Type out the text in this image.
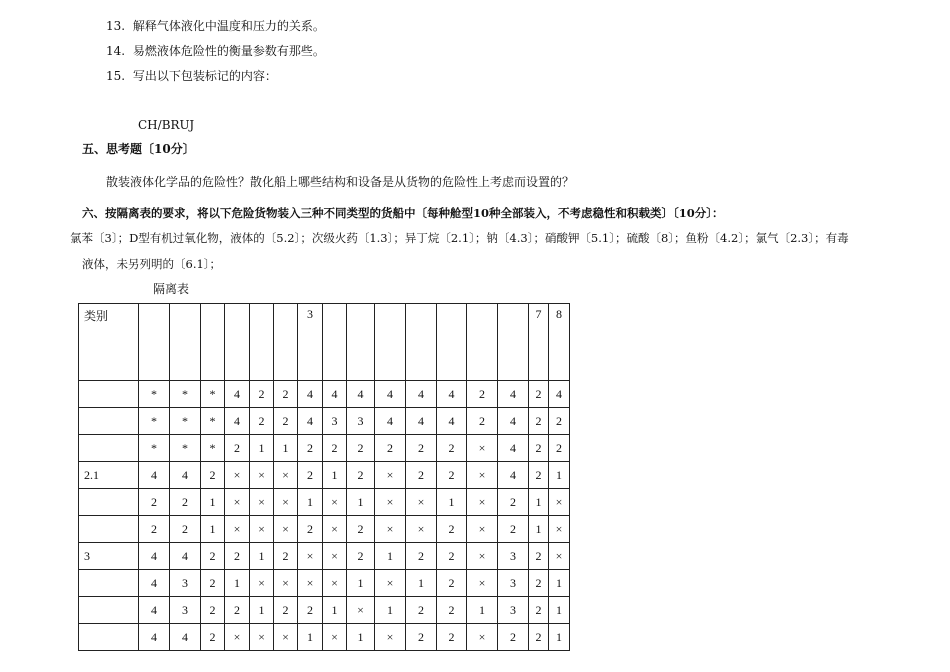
13. 解释气体液化中温度和压力的关系。
14. 易燃液体危险性的衡量参数有那些。
15. 写出以下包装标记的内容：
CH/BRUJ
五、思考题〔10分〕
散装液体化学品的危险性？散化船上哪些结构和设备是从货物的危险性上考虑而设置的？
六、按隔离表的要求，将以下危险货物装入三种不同类型的货船中〔每种舱型10种全部装入，不考虑稳性和积载类〕〔10分〕：
氯苯〔3〕；D型有机过氧化物，液体的〔5.2〕；次级火药〔1.3〕；异丁烷〔2.1〕；钠〔4.3〕；硝酸钾〔5.1〕；硫酸〔8〕；鱼粉〔4.2〕；氯气〔2.3〕；有毒
液体，未另列明的〔6.1〕；
隔离表
类别							3								7	8
	*	*	*	4	2	2	4	4	4	4	4	4	2	4	2	4
	*	*	*	4	2	2	4	3	3	4	4	4	2	4	2	2
	*	*	*	2	1	1	2	2	2	2	2	2	×	4	2	2
2.1	4	4	2	×	×	×	2	1	2	×	2	2	×	4	2	1
	2	2	1	×	×	×	1	×	1	×	×	1	×	2	1	×
	2	2	1	×	×	×	2	×	2	×	×	2	×	2	1	×
3	4	4	2	2	1	2	×	×	2	1	2	2	×	3	2	×
	4	3	2	1	×	×	×	×	1	×	1	2	×	3	2	1
	4	3	2	2	1	2	2	1	×	1	2	2	1	3	2	1
	4	4	2	×	×	×	1	×	1	×	2	2	×	2	2	1
